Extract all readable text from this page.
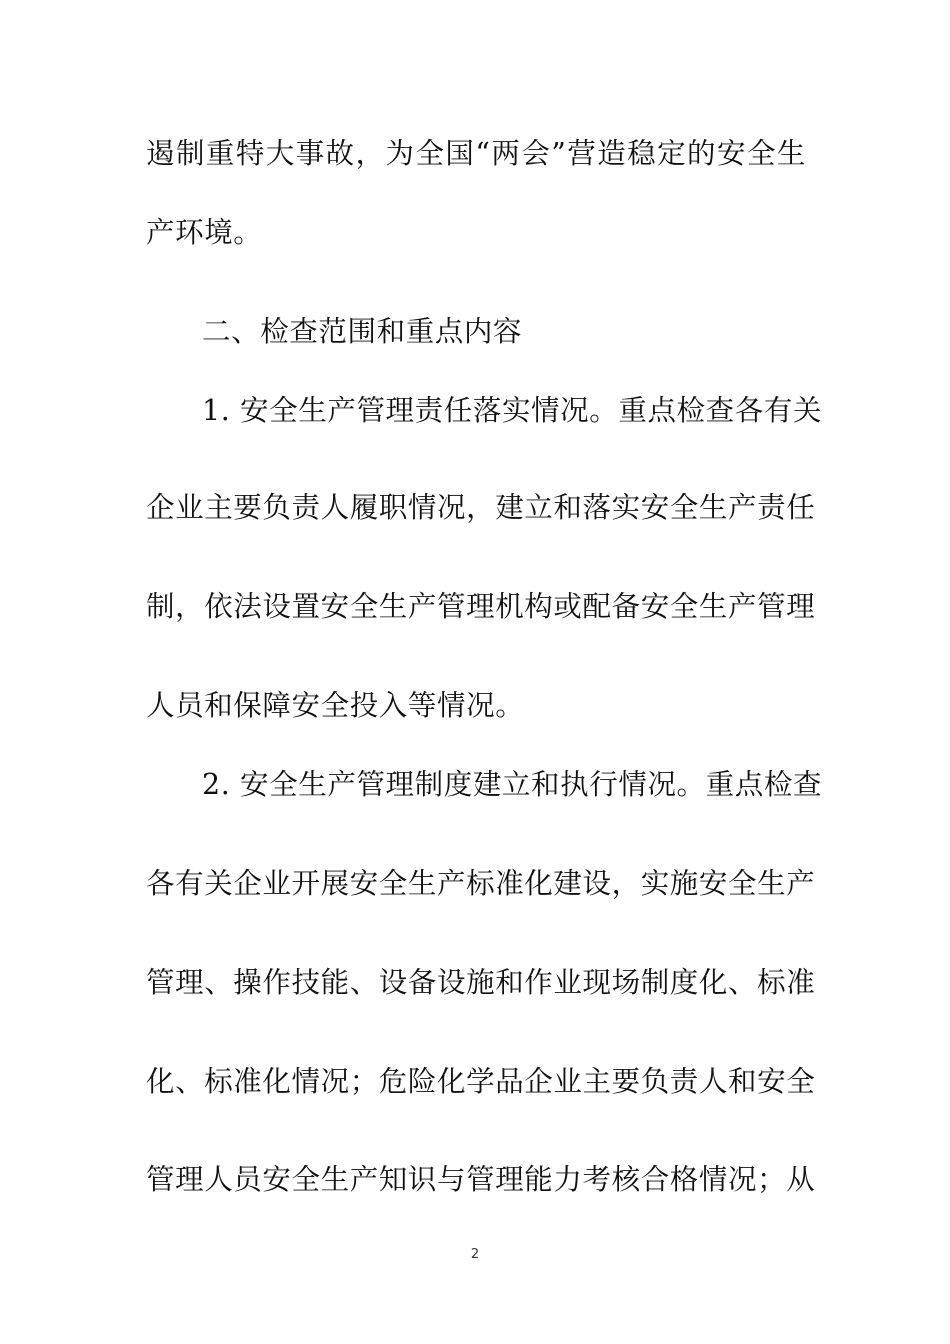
遏制重特大事故，为全国“两会”营造稳定的安全生
产环境。
二、检查范围和重点内容
1. 安全生产管理责任落实情况。重点检查各有关
企业主要负责人履职情况，建立和落实安全生产责任
制，依法设置安全生产管理机构或配备安全生产管理
人员和保障安全投入等情况。
2. 安全生产管理制度建立和执行情况。重点检查
各有关企业开展安全生产标准化建设，实施安全生产
管理、操作技能、设备设施和作业现场制度化、标准
化、标准化情况；危险化学品企业主要负责人和安全
管理人员安全生产知识与管理能力考核合格情况；从
2
